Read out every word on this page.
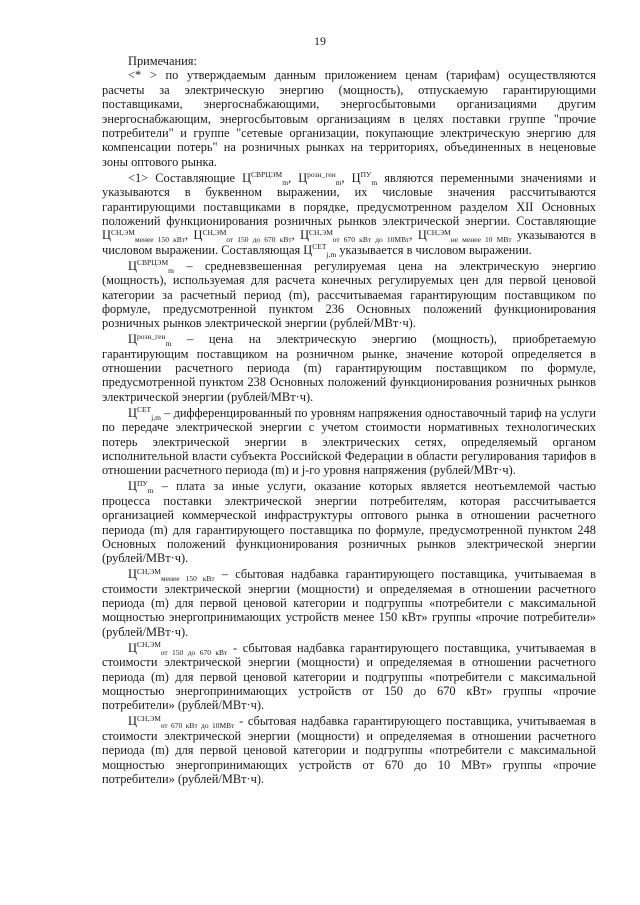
19

Примечания:

<* > по утверждаемым данным приложением ценам (тарифам) осуществляются расчеты за электрическую энергию (мощность), отпускаемую гарантирующими поставщиками, энергоснабжающими, энергосбытовыми организациями другим энергоснабжающим, энергосбытовым организациям в целях поставки группе "прочие потребители" и группе "сетевые организации, покупающие электрическую энергию для компенсации потерь" на розничных рынках на территориях, объединенных в неценовые зоны оптового рынка.

<1> Составляющие $Ц^{СВРЦЭМ}_m$, $Ц^{розн\_ген}_m$, $Ц^{ПУ}_m$ являются переменными значениями и указываются в буквенном выражении, их числовые значения рассчитываются гарантирующими поставщиками в порядке, предусмотренном разделом XII Основных положений функционирования розничных рынков электрической энергии. Составляющие $Ц^{СН,ЭМ}_{менее 150 кВт}$, $Ц^{СН,ЭМ}_{от 150 до 670 кВт}$, $Ц^{СН,ЭМ}_{от 670 кВт до 10МВт}$, $Ц^{СН,ЭМ}_{не менее 10 МВт}$ указываются в числовом выражении. Составляющая $Ц^{СЕТ}_{j,m}$ указывается в числовом выражении.

$Ц^{СВРЦЭМ}_m$ – средневзвешенная регулируемая цена на электрическую энергию (мощность), используемая для расчета конечных регулируемых цен для первой ценовой категории за расчетный период (m), рассчитываемая гарантирующим поставщиком по формуле, предусмотренной пунктом 236 Основных положений функционирования розничных рынков электрической энергии (рублей/МВт·ч).

$Ц^{розн\_ген}_m$ – цена на электрическую энергию (мощность), приобретаемую гарантирующим поставщиком на розничном рынке, значение которой определяется в отношении расчетного периода (m) гарантирующим поставщиком по формуле, предусмотренной пунктом 238 Основных положений функционирования розничных рынков электрической энергии (рублей/МВт·ч).

$Ц^{СЕТ}_{j,m}$ – дифференцированный по уровням напряжения одноставочный тариф на услуги по передаче электрической энергии с учетом стоимости нормативных технологических потерь электрической энергии в электрических сетях, определяемый органом исполнительной власти субъекта Российской Федерации в области регулирования тарифов в отношении расчетного периода (m) и j-го уровня напряжения (рублей/МВт·ч).

$Ц^{ПУ}_m$ – плата за иные услуги, оказание которых является неотъемлемой частью процесса поставки электрической энергии потребителям, которая рассчитывается организацией коммерческой инфраструктуры оптового рынка в отношении расчетного периода (m) для гарантирующего поставщика по формуле, предусмотренной пунктом 248 Основных положений функционирования розничных рынков электрической энергии (рублей/МВт·ч).

$Ц^{СН,ЭМ}_{менее 150 кВт}$ – сбытовая надбавка гарантирующего поставщика, учитываемая в стоимости электрической энергии (мощности) и определяемая в отношении расчетного периода (m) для первой ценовой категории и подгруппы «потребители с максимальной мощностью энергопринимающих устройств менее 150 кВт» группы «прочие потребители» (рублей/МВт·ч).

$Ц^{СН,ЭМ}_{от 150 до 670 кВт}$ - сбытовая надбавка гарантирующего поставщика, учитываемая в стоимости электрической энергии (мощности) и определяемая в отношении расчетного периода (m) для первой ценовой категории и подгруппы «потребители с максимальной мощностью энергопринимающих устройств от 150 до 670 кВт» группы «прочие потребители» (рублей/МВт·ч).

$Ц^{СН,ЭМ}_{от 670 кВт до 10МВт}$ - сбытовая надбавка гарантирующего поставщика, учитываемая в стоимости электрической энергии (мощности) и определяемая в отношении расчетного периода (m) для первой ценовой категории и подгруппы «потребители с максимальной мощностью энергопринимающих устройств от 670 до 10 МВт» группы «прочие потребители» (рублей/МВт·ч).
